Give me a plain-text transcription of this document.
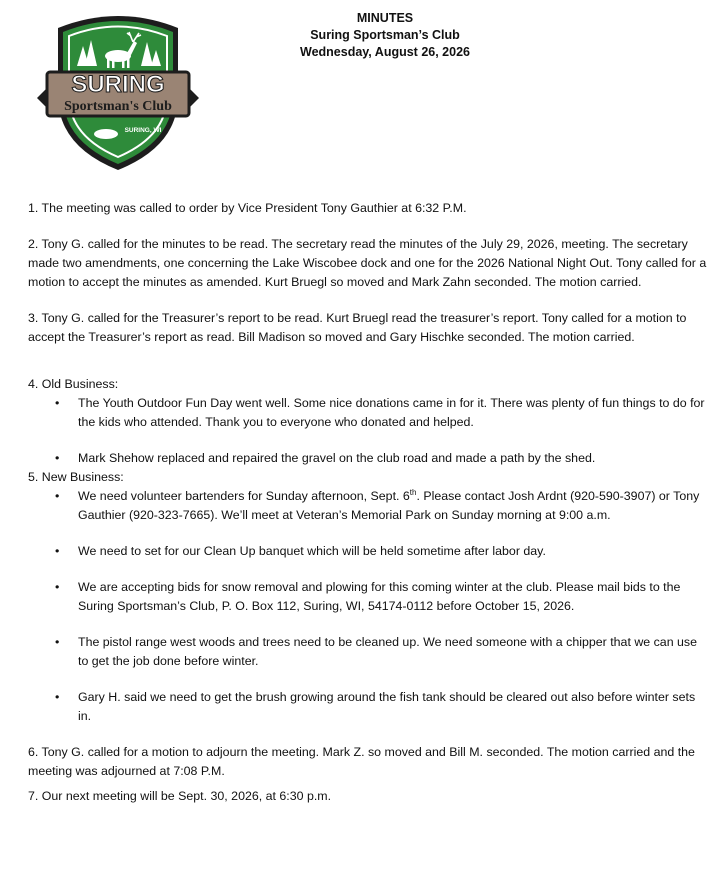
SURING
Sportsman's Club
SURING, WI
MINUTES
Suring Sportsman’s Club
Wednesday, August 26, 2026

1. The meeting was called to order by Vice President Tony Gauthier at 6:32 P.M.

2. Tony G. called for the minutes to be read. The secretary read the minutes of the July 29, 2026, meeting. The secretary made two amendments, one concerning the Lake Wiscobee dock and one for the 2026 National Night Out. Tony called for a motion to accept the minutes as amended. Kurt Bruegl so moved and Mark Zahn seconded. The motion carried.

3. Tony G. called for the Treasurer’s report to be read. Kurt Bruegl read the treasurer’s report. Tony called for a motion to accept the Treasurer’s report as read. Bill Madison so moved and Gary Hischke seconded. The motion carried.

4. Old Business:

• The Youth Outdoor Fun Day went well. Some nice donations came in for it. There was plenty of fun things to do for the kids who attended. Thank you to everyone who donated and helped.
• Mark Shehow replaced and repaired the gravel on the club road and made a path by the shed.

5. New Business:

• We need volunteer bartenders for Sunday afternoon, Sept. 6th. Please contact Josh Ardnt (920-590-3907) or Tony Gauthier (920-323-7665). We’ll meet at Veteran’s Memorial Park on Sunday morning at 9:00 a.m.
• We need to set for our Clean Up banquet which will be held sometime after labor day.
• We are accepting bids for snow removal and plowing for this coming winter at the club. Please mail bids to the Suring Sportsman’s Club, P. O. Box 112, Suring, WI, 54174-0112 before October 15, 2026.
• The pistol range west woods and trees need to be cleaned up. We need someone with a chipper that we can use to get the job done before winter.
• Gary H. said we need to get the brush growing around the fish tank should be cleared out also before winter sets in.

6. Tony G. called for a motion to adjourn the meeting. Mark Z. so moved and Bill M. seconded. The motion carried and the meeting was adjourned at 7:08 P.M.

7. Our next meeting will be Sept. 30, 2026, at 6:30 p.m.
